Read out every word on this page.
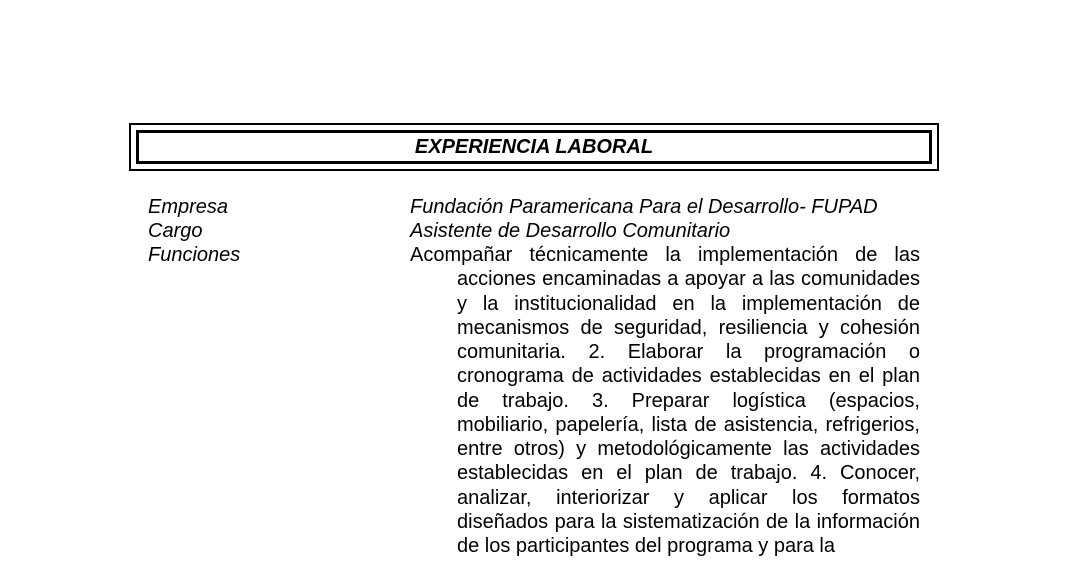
EXPERIENCIA LABORAL
Empresa	Fundación Paramericana Para el Desarrollo- FUPAD
Cargo	Asistente de Desarrollo Comunitario
Funciones	Acompañar técnicamente la implementación de las acciones encaminadas a apoyar a las comunidades y la institucionalidad en la implementación de mecanismos de seguridad, resiliencia y cohesión comunitaria. 2. Elaborar la programación o cronograma de actividades establecidas en el plan de trabajo. 3. Preparar logística (espacios, mobiliario, papelería, lista de asistencia, refrigerios, entre otros) y metodológicamente las actividades establecidas en el plan de trabajo. 4. Conocer, analizar, interiorizar y aplicar los formatos diseñados para la sistematización de la información de los participantes del programa y para la
